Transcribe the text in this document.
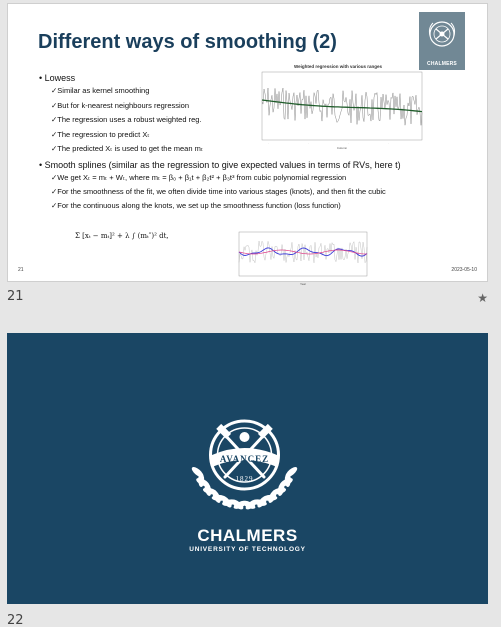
Different ways of smoothing (2)
CHALMERS
• Lowess
✓Similar as kernel smoothing
✓But for k-nearest neighbours regression
✓The regression uses a robust weighted reg.
✓The regression to predict Xₜ
✓The predicted Xₜ is used to get the mean mₜ
• Smooth splines (similar as the regression to give expected values in terms of RVs, here t)
✓We get Xₜ = mₜ + Wₜ, where mₜ = β₀ + β₁t + β₂t² + β₃t³ from cubic polynomial regression
✓For the smoothness of the fit, we often divide time into various stages (knots), and then fit the cubic
✓For the continuous along the knots, we set up the smoothness function (loss function)
Weighted regression with various ranges
·	·	·	·
Column
Σ [xₜ − mₜ]² + λ ∫ (mₜ″)² dt,
Year
21	2023-05-10
21	★
AVANCEZ
1829
CHALMERS
UNIVERSITY OF TECHNOLOGY
22
